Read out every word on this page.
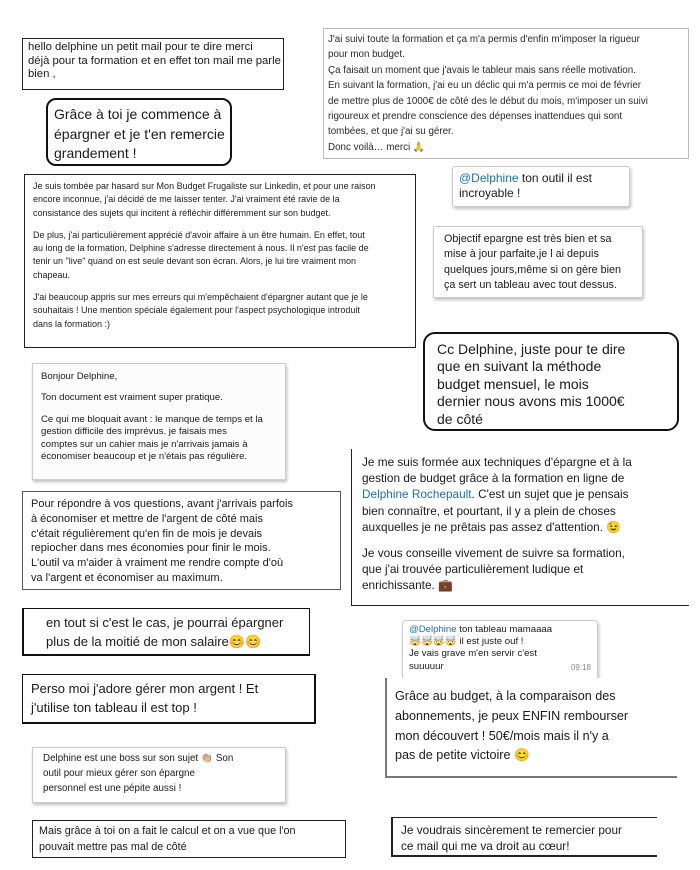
hello delphine un petit mail pour te dire merci
déjà pour ta formation et en effet ton mail me parle
bien ,
Grâce à toi je commence à
épargner et je t'en remercie
grandement !
J'ai suivi toute la formation et ça m'a permis d'enfin m'imposer la rigueur
pour mon budget.
Ça faisait un moment que j'avais le tableur mais sans réelle motivation.
En suivant la formation, j'ai eu un déclic qui m'a permis ce moi de février
de mettre plus de 1000€ de côté des le début du mois, m'imposer un suivi
rigoureux et prendre conscience des dépenses inattendues qui sont
tombées, et que j'ai su gérer.
Donc voilà… merci 🙏
@Delphine ton outil il est
incroyable !
Je suis tombée par hasard sur Mon Budget Frugaliste sur Linkedin, et pour une raison
encore inconnue, j'ai décidé de me laisser tenter. J'ai vraiment été ravie de la
consistance des sujets qui incitent à réfléchir différemment sur son budget.
De plus, j'ai particulièrement apprécié d'avoir affaire à un être humain. En effet, tout
au long de la formation, Delphine s'adresse directement à nous. Il n'est pas facile de
tenir un "live" quand on est seule devant son écran. Alors, je lui tire vraiment mon
chapeau.
J'ai beaucoup appris sur mes erreurs qui m'empêchaient d'épargner autant que je le
souhaitais ! Une mention spéciale également pour l'aspect psychologique introduit
dans la formation :)
Objectif epargne est très bien et sa
mise à jour parfaite,je l ai depuis
quelques jours,même si on gère bien
ça sert un tableau avec tout dessus.
Cc Delphine, juste pour te dire
que en suivant la méthode
budget mensuel, le mois
dernier nous avons mis 1000€
de côté
Bonjour Delphine,
Ton document est vraiment super pratique.
Ce qui me bloquait avant : le manque de temps et la
gestion difficile des imprévus. je faisais mes
comptes sur un cahier mais je n'arrivais jamais à
économiser beaucoup et je n'étais pas régulière.	Je me suis formée aux techniques d'épargne et à la
gestion de budget grâce à la formation en ligne de
Delphine Rochepault. C'est un sujet que je pensais
bien connaître, et pourtant, il y a plein de choses
auxquelles je ne prêtais pas assez d'attention. 😉
Je vous conseille vivement de suivre sa formation,
que j'ai trouvée particulièrement ludique et
enrichissante. 💼
Pour répondre à vos questions, avant j'arrivais parfois
à économiser et mettre de l'argent de côté mais
c'était régulièrement qu'en fin de mois je devais
repiocher dans mes économies pour finir le mois.
L'outil va m'aider à vraiment me rendre compte d'où
va l'argent et économiser au maximum.
en tout si c'est le cas, je pourrai épargner
plus de la moitié de mon salaire😊😊
@Delphine ton tableau mamaaaa
🤯🤯🤯🤯 il est juste ouf !
Je vais grave m'en servir c'est
suuuuur	09:18
Perso moi j'adore gérer mon argent ! Et
j'utilise ton tableau il est top !
Grâce au budget, à la comparaison des
abonnements, je peux ENFIN rembourser
mon découvert ! 50€/mois mais il n'y a
pas de petite victoire 😊
Delphine est une boss sur son sujet 👏🏼 Son
outil pour mieux gérer son épargne
personnel est une pépite aussi !
Mais grâce à toi on a fait le calcul et on a vue que l'on
pouvait mettre pas mal de côté
Je voudrais sincèrement te remercier pour
ce mail qui me va droit au cœur!
